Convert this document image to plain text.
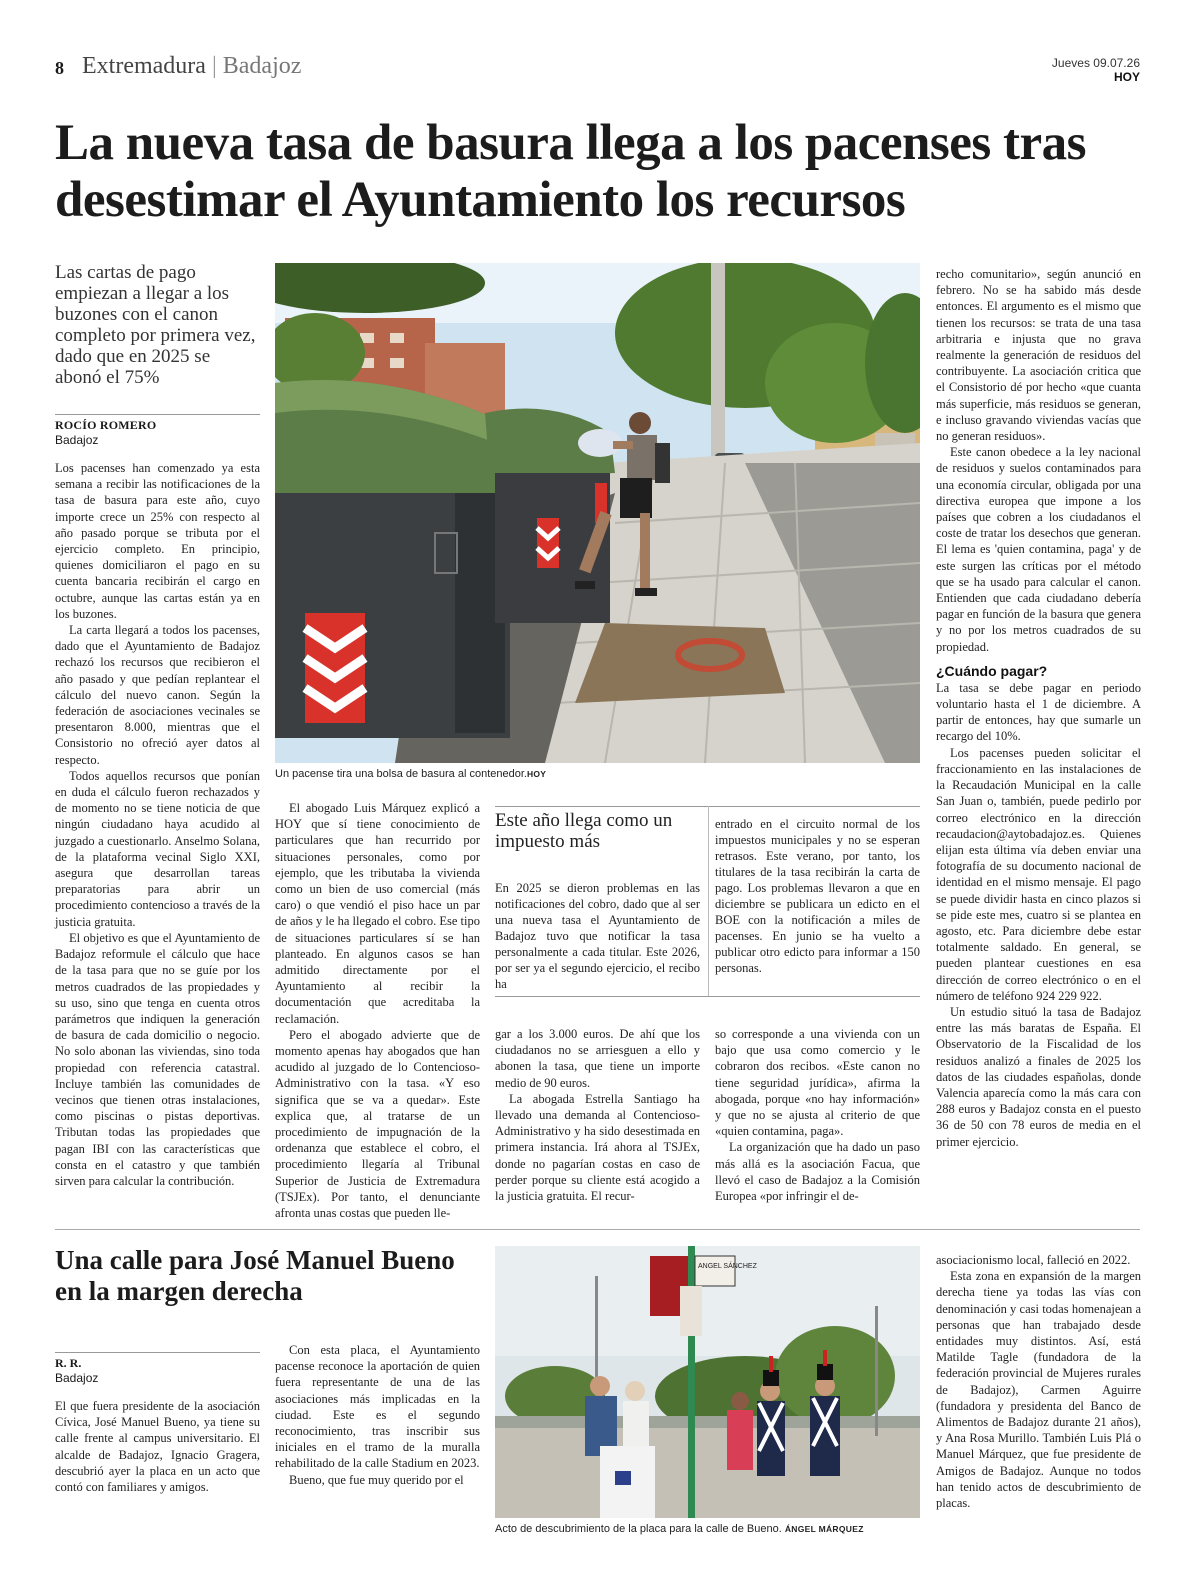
8 Extremadura | Badajoz	Jueves 09.07.26
HOY
La nueva tasa de basura llega a los pacenses tras desestimar el Ayuntamiento los recursos
Las cartas de pago empiezan a llegar a los buzones con el canon completo por primera vez, dado que en 2025 se abonó el 75%
ROCÍO ROMERO
Badajoz

Los pacenses han comenzado ya esta semana a recibir las notificaciones de la tasa de basura para este año, cuyo importe crece un 25% con respecto al año pasado porque se tributa por el ejercicio completo. En principio, quienes domiciliaron el pago en su cuenta bancaria recibirán el cargo en octubre, aunque las cartas están ya en los buzones.

La carta llegará a todos los pacenses, dado que el Ayuntamiento de Badajoz rechazó los recursos que recibieron el año pasado y que pedían replantear el cálculo del nuevo canon. Según la federación de asociaciones vecinales se presentaron 8.000, mientras que el Consistorio no ofreció ayer datos al respecto.

Todos aquellos recursos que ponían en duda el cálculo fueron rechazados y de momento no se tiene noticia de que ningún ciudadano haya acudido al juzgado a cuestionarlo. Anselmo Solana, de la plataforma vecinal Siglo XXI, asegura que desarrollan tareas preparatorias para abrir un procedimiento contencioso a través de la justicia gratuita.

El objetivo es que el Ayuntamiento de Badajoz reformule el cálculo que hace de la tasa para que no se guíe por los metros cuadrados de las propiedades y su uso, sino que tenga en cuenta otros parámetros que indiquen la generación de basura de cada domicilio o negocio. No solo abonan las viviendas, sino toda propiedad con referencia catastral. Incluye también las comunidades de vecinos que tienen otras instalaciones, como piscinas o pistas deportivas. Tributan todas las propiedades que pagan IBI con las características que consta en el catastro y que también sirven para calcular la contribución.

Un pacense tira una bolsa de basura al contenedor.HOY

El abogado Luis Márquez explicó a HOY que sí tiene conocimiento de particulares que han recurrido por situaciones personales, como por ejemplo, que les tributaba la vivienda como un bien de uso comercial (más caro) o que vendió el piso hace un par de años y le ha llegado el cobro. Ese tipo de situaciones particulares sí se han planteado. En algunos casos se han admitido directamente por el Ayuntamiento al recibir la documentación que acreditaba la reclamación.

Pero el abogado advierte que de momento apenas hay abogados que han acudido al juzgado de lo Contencioso-Administrativo con la tasa. «Y eso significa que se va a quedar». Este explica que, al tratarse de un procedimiento de impugnación de la ordenanza que establece el cobro, el procedimiento llegaría al Tribunal Superior de Justicia de Extremadura (TSJEx). Por tanto, el denunciante afronta unas costas que pueden lle-

Este año llega como un impuesto más
En 2025 se dieron problemas en las notificaciones del cobro, dado que al ser una nueva tasa el Ayuntamiento de Badajoz tuvo que notificar la tasa personalmente a cada titular. Este 2026, por ser ya el segundo ejercicio, el recibo ha
entrado en el circuito normal de los impuestos municipales y no se esperan retrasos. Este verano, por tanto, los titulares de la tasa recibirán la carta de pago. Los problemas llevaron a que en diciembre se publicara un edicto en el BOE con la notificación a miles de pacenses. En junio se ha vuelto a publicar otro edicto para informar a 150 personas.

gar a los 3.000 euros. De ahí que los ciudadanos no se arriesguen a ello y abonen la tasa, que tiene un importe medio de 90 euros.

La abogada Estrella Santiago ha llevado una demanda al Contencioso-Administrativo y ha sido desestimada en primera instancia. Irá ahora al TSJEx, donde no pagarían costas en caso de perder porque su cliente está acogido a la justicia gratuita. El recur-

so corresponde a una vivienda con un bajo que usa como comercio y le cobraron dos recibos. «Este canon no tiene seguridad jurídica», afirma la abogada, porque «no hay información» y que no se ajusta al criterio de que «quien contamina, paga».

La organización que ha dado un paso más allá es la asociación Facua, que llevó el caso de Badajoz a la Comisión Europea «por infringir el de-

recho comunitario», según anunció en febrero. No se ha sabido más desde entonces. El argumento es el mismo que tienen los recursos: se trata de una tasa arbitraria e injusta que no grava realmente la generación de residuos del contribuyente. La asociación critica que el Consistorio dé por hecho «que cuanta más superficie, más residuos se generan, e incluso gravando viviendas vacías que no generan residuos».

Este canon obedece a la ley nacional de residuos y suelos contaminados para una economía circular, obligada por una directiva europea que impone a los países que cobren a los ciudadanos el coste de tratar los desechos que generan. El lema es 'quien contamina, paga' y de este surgen las críticas por el método que se ha usado para calcular el canon. Entienden que cada ciudadano debería pagar en función de la basura que genera y no por los metros cuadrados de su propiedad.

¿Cuándo pagar?

La tasa se debe pagar en periodo voluntario hasta el 1 de diciembre. A partir de entonces, hay que sumarle un recargo del 10%.

Los pacenses pueden solicitar el fraccionamiento en las instalaciones de la Recaudación Municipal en la calle San Juan o, también, puede pedirlo por correo electrónico en la dirección recaudacion@aytobadajoz.es. Quienes elijan esta última vía deben enviar una fotografía de su documento nacional de identidad en el mismo mensaje. El pago se puede dividir hasta en cinco plazos si se pide este mes, cuatro si se plantea en agosto, etc. Para diciembre debe estar totalmente saldado. En general, se pueden plantear cuestiones en esa dirección de correo electrónico o en el número de teléfono 924 229 922.

Un estudio situó la tasa de Badajoz entre las más baratas de España. El Observatorio de la Fiscalidad de los residuos analizó a finales de 2025 los datos de las ciudades españolas, donde Valencia aparecía como la más cara con 288 euros y Badajoz consta en el puesto 36 de 50 con 78 euros de media en el primer ejercicio.

Una calle para José Manuel Bueno en la margen derecha
R. R.
Badajoz

El que fuera presidente de la asociación Cívica, José Manuel Bueno, ya tiene su calle frente al campus universitario. El alcalde de Badajoz, Ignacio Gragera, descubrió ayer la placa en un acto que contó con familiares y amigos.

Con esta placa, el Ayuntamiento pacense reconoce la aportación de quien fuera representante de una de las asociaciones más implicadas en la ciudad. Este es el segundo reconocimiento, tras inscribir sus iniciales en el tramo de la muralla rehabilitado de la calle Stadium en 2023.

Bueno, que fue muy querido por el

ANGEL SÁNCHEZ
Acto de descubrimiento de la placa para la calle de Bueno. ÁNGEL MÁRQUEZ

asociacionismo local, falleció en 2022.

Esta zona en expansión de la margen derecha tiene ya todas las vías con denominación y casi todas homenajean a personas que han trabajado desde entidades muy distintos. Así, está Matilde Tagle (fundadora de la federación provincial de Mujeres rurales de Badajoz), Carmen Aguirre (fundadora y presidenta del Banco de Alimentos de Badajoz durante 21 años), y Ana Rosa Murillo. También Luis Plá o Manuel Márquez, que fue presidente de Amigos de Badajoz. Aunque no todos han tenido actos de descubrimiento de placas.
